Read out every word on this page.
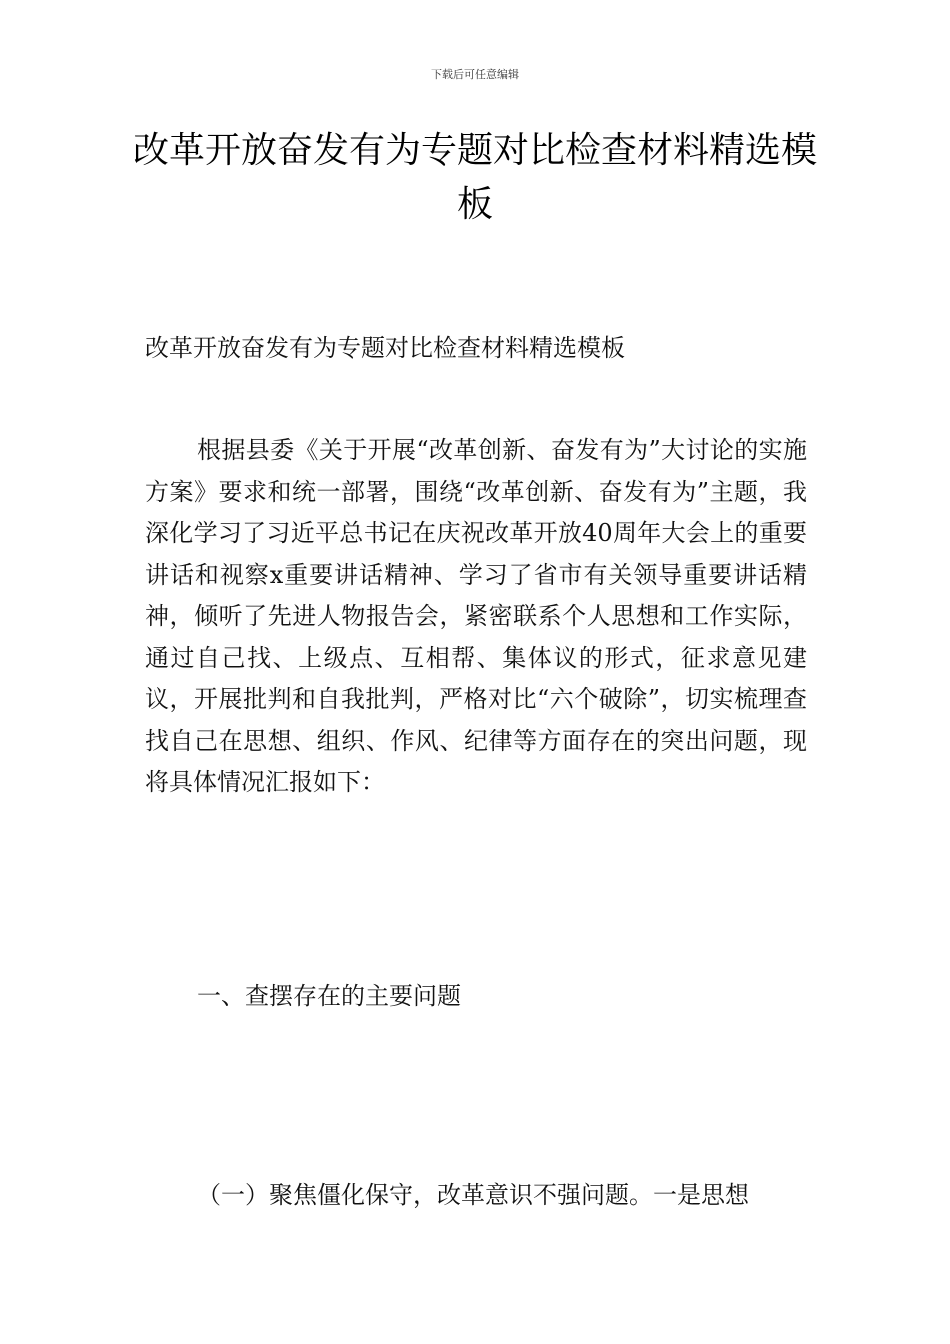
下载后可任意编辑
改革开放奋发有为专题对比检查材料精选模板

改革开放奋发有为专题对比检查材料精选模板

根据县委《关于开展“改革创新、奋发有为”大讨论的实施方案》要求和统一部署，围绕“改革创新、奋发有为”主题，我深化学习了习近平总书记在庆祝改革开放40周年大会上的重要讲话和视察x重要讲话精神、学习了省市有关领导重要讲话精神，倾听了先进人物报告会，紧密联系个人思想和工作实际，通过自己找、上级点、互相帮、集体议的形式，征求意见建议，开展批判和自我批判，严格对比“六个破除”，切实梳理查找自己在思想、组织、作风、纪律等方面存在的突出问题，现将具体情况汇报如下：

一、查摆存在的主要问题

（一）聚焦僵化保守，改革意识不强问题。一是思想
